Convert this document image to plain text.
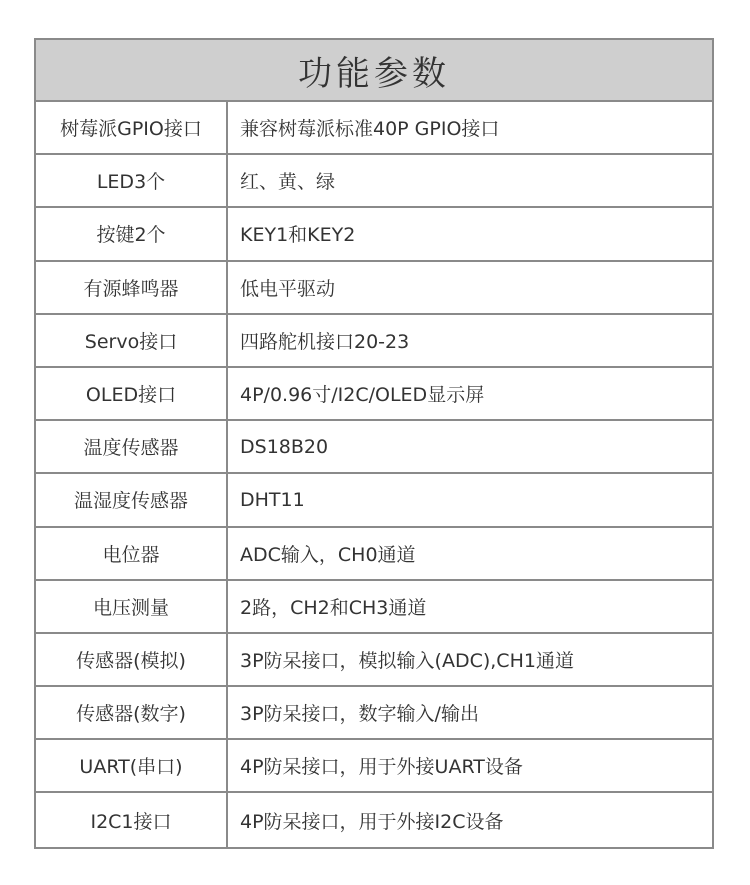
功能参数
树莓派GPIO接口	兼容树莓派标准40P GPIO接口
LED3个	红、黄、绿
按键2个	KEY1和KEY2
有源蜂鸣器	低电平驱动
Servo接口	四路舵机接口20-23
OLED接口	4P/0.96寸/I2C/OLED显示屏
温度传感器	DS18B20
温湿度传感器	DHT11
电位器	ADC输入，CH0通道
电压测量	2路，CH2和CH3通道
传感器(模拟)	3P防呆接口，模拟输入(ADC),CH1通道
传感器(数字)	3P防呆接口，数字输入/输出
UART(串口)	4P防呆接口，用于外接UART设备
I2C1接口	4P防呆接口，用于外接I2C设备
